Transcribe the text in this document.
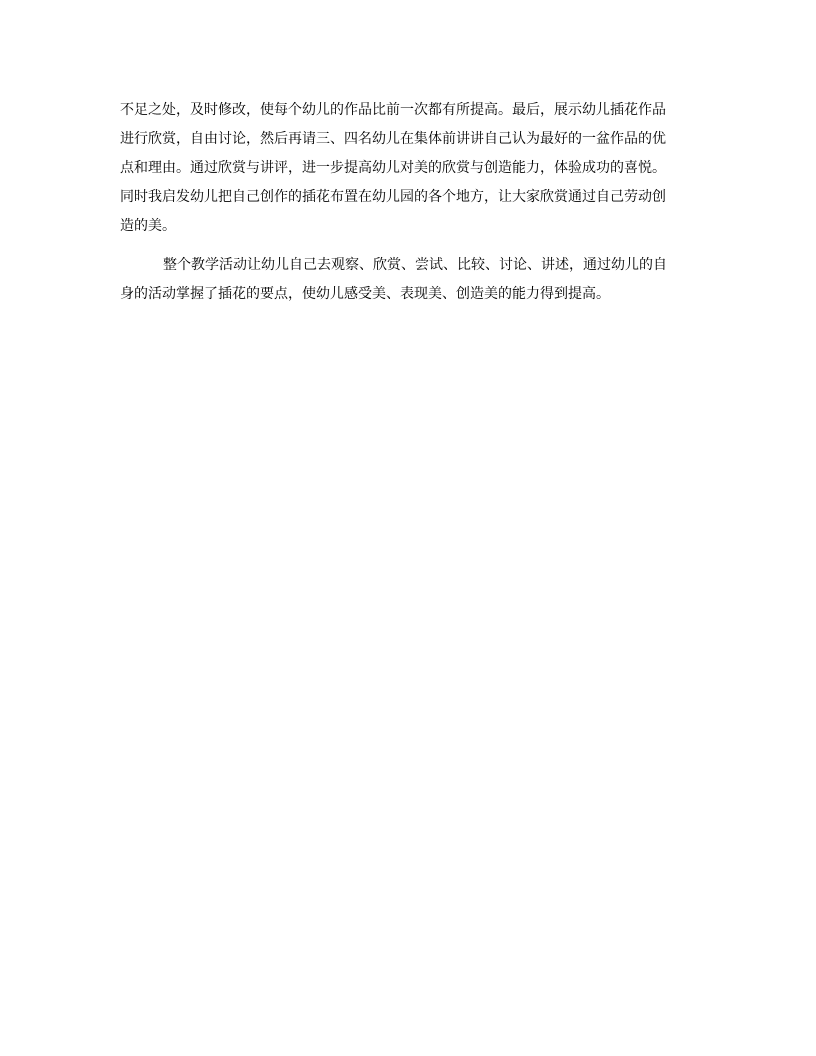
不足之处，及时修改，使每个幼儿的作品比前一次都有所提高。最后，展示幼儿插花作品
进行欣赏，自由讨论，然后再请三、四名幼儿在集体前讲讲自己认为最好的一盆作品的优
点和理由。通过欣赏与讲评，进一步提高幼儿对美的欣赏与创造能力，体验成功的喜悦。
同时我启发幼儿把自己创作的插花布置在幼儿园的各个地方，让大家欣赏通过自己劳动创
造的美。

整个教学活动让幼儿自己去观察、欣赏、尝试、比较、讨论、讲述，通过幼儿的自
身的活动掌握了插花的要点，使幼儿感受美、表现美、创造美的能力得到提高。
